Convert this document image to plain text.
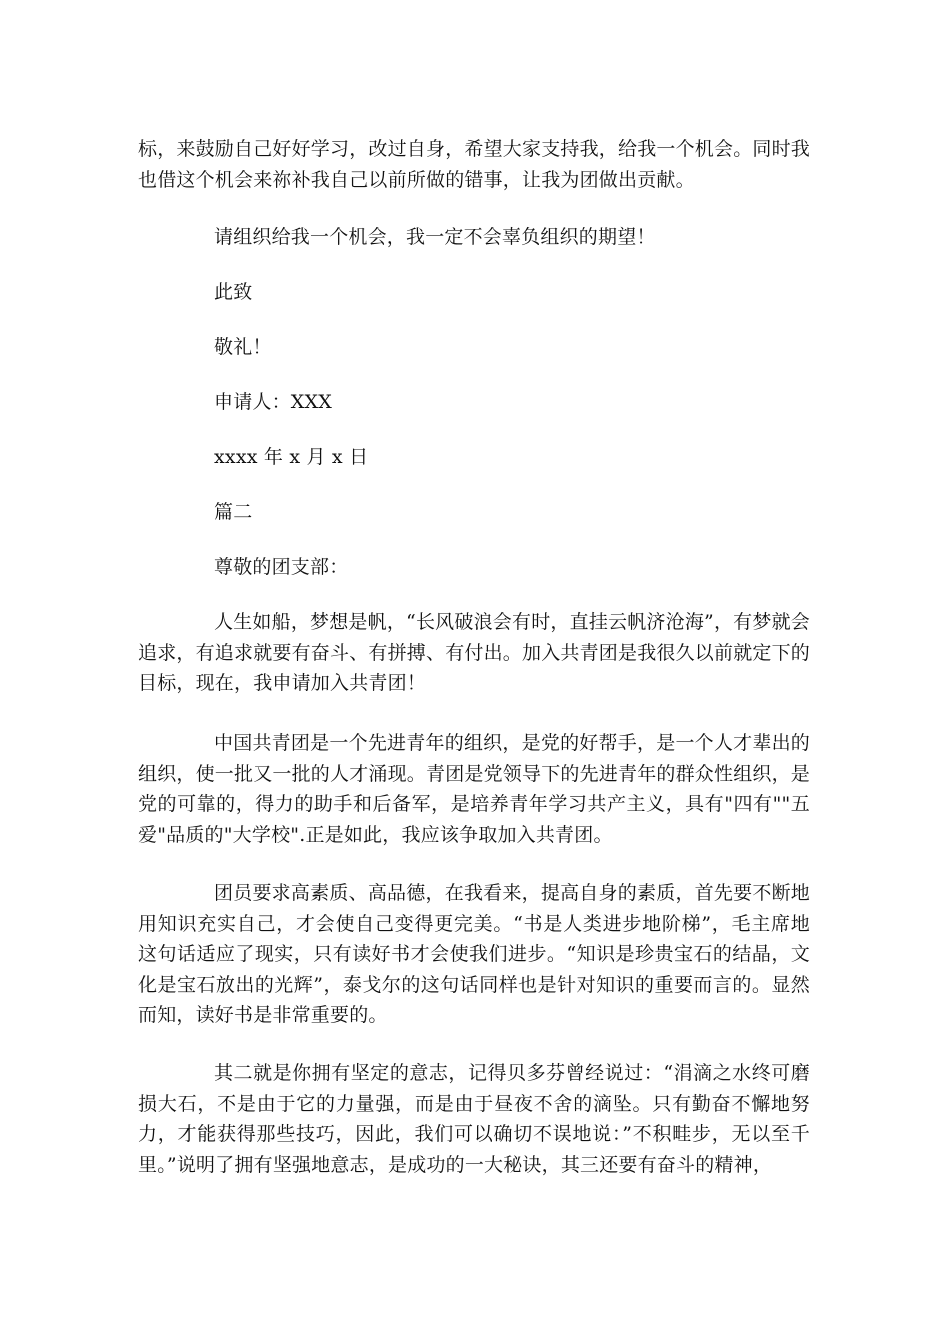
标，来鼓励自己好好学习，改过自身，希望大家支持我，给我一个机会。同时我也借这个机会来祢补我自己以前所做的错事，让我为团做出贡献。

请组织给我一个机会，我一定不会辜负组织的期望！

此致

敬礼！

申请人：XXX

xxxx 年 x 月 x 日

篇二

尊敬的团支部：

人生如船，梦想是帆，“长风破浪会有时，直挂云帆济沧海”，有梦就会追求，有追求就要有奋斗、有拼搏、有付出。加入共青团是我很久以前就定下的目标，现在，我申请加入共青团！

中国共青团是一个先进青年的组织，是党的好帮手，是一个人才辈出的组织，使一批又一批的人才涌现。青团是党领导下的先进青年的群众性组织，是党的可靠的，得力的助手和后备军，是培养青年学习共产主义，具有"四有""五爱"品质的"大学校".正是如此，我应该争取加入共青团。

团员要求高素质、高品德，在我看来，提高自身的素质，首先要不断地用知识充实自己，才会使自己变得更完美。“书是人类进步地阶梯”，毛主席地这句话适应了现实，只有读好书才会使我们进步。“知识是珍贵宝石的结晶，文化是宝石放出的光辉”，泰戈尔的这句话同样也是针对知识的重要而言的。显然而知，读好书是非常重要的。

其二就是你拥有坚定的意志，记得贝多芬曾经说过：“涓滴之水终可磨损大石，不是由于它的力量强，而是由于昼夜不舍的滴坠。只有勤奋不懈地努力，才能获得那些技巧，因此，我们可以确切不误地说：”不积畦步，无以至千里。”说明了拥有坚强地意志，是成功的一大秘诀，其三还要有奋斗的精神，
